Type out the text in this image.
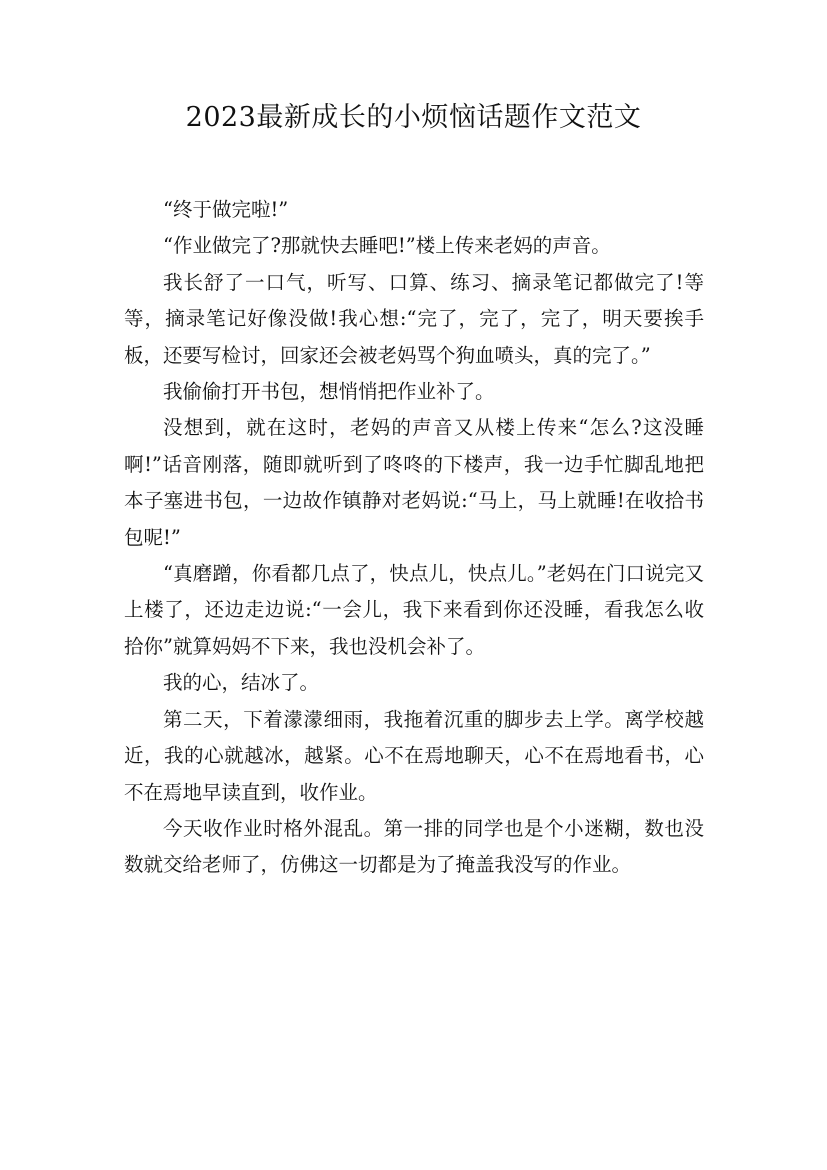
2023最新成长的小烦恼话题作文范文

“终于做完啦!”

“作业做完了?那就快去睡吧!”楼上传来老妈的声音。

我长舒了一口气，听写、口算、练习、摘录笔记都做完了!等等，摘录笔记好像没做!我心想:“完了，完了，完了，明天要挨手板，还要写检讨，回家还会被老妈骂个狗血喷头，真的完了。”

我偷偷打开书包，想悄悄把作业补了。

没想到，就在这时，老妈的声音又从楼上传来“怎么?这没睡啊!”话音刚落，随即就听到了咚咚的下楼声，我一边手忙脚乱地把本子塞进书包，一边故作镇静对老妈说:“马上，马上就睡!在收拾书包呢!”

“真磨蹭，你看都几点了，快点儿，快点儿。”老妈在门口说完又上楼了，还边走边说:“一会儿，我下来看到你还没睡，看我怎么收拾你”就算妈妈不下来，我也没机会补了。

我的心，结冰了。

第二天，下着濛濛细雨，我拖着沉重的脚步去上学。离学校越近，我的心就越冰，越紧。心不在焉地聊天，心不在焉地看书，心不在焉地早读直到，收作业。

今天收作业时格外混乱。第一排的同学也是个小迷糊，数也没数就交给老师了，仿佛这一切都是为了掩盖我没写的作业。
